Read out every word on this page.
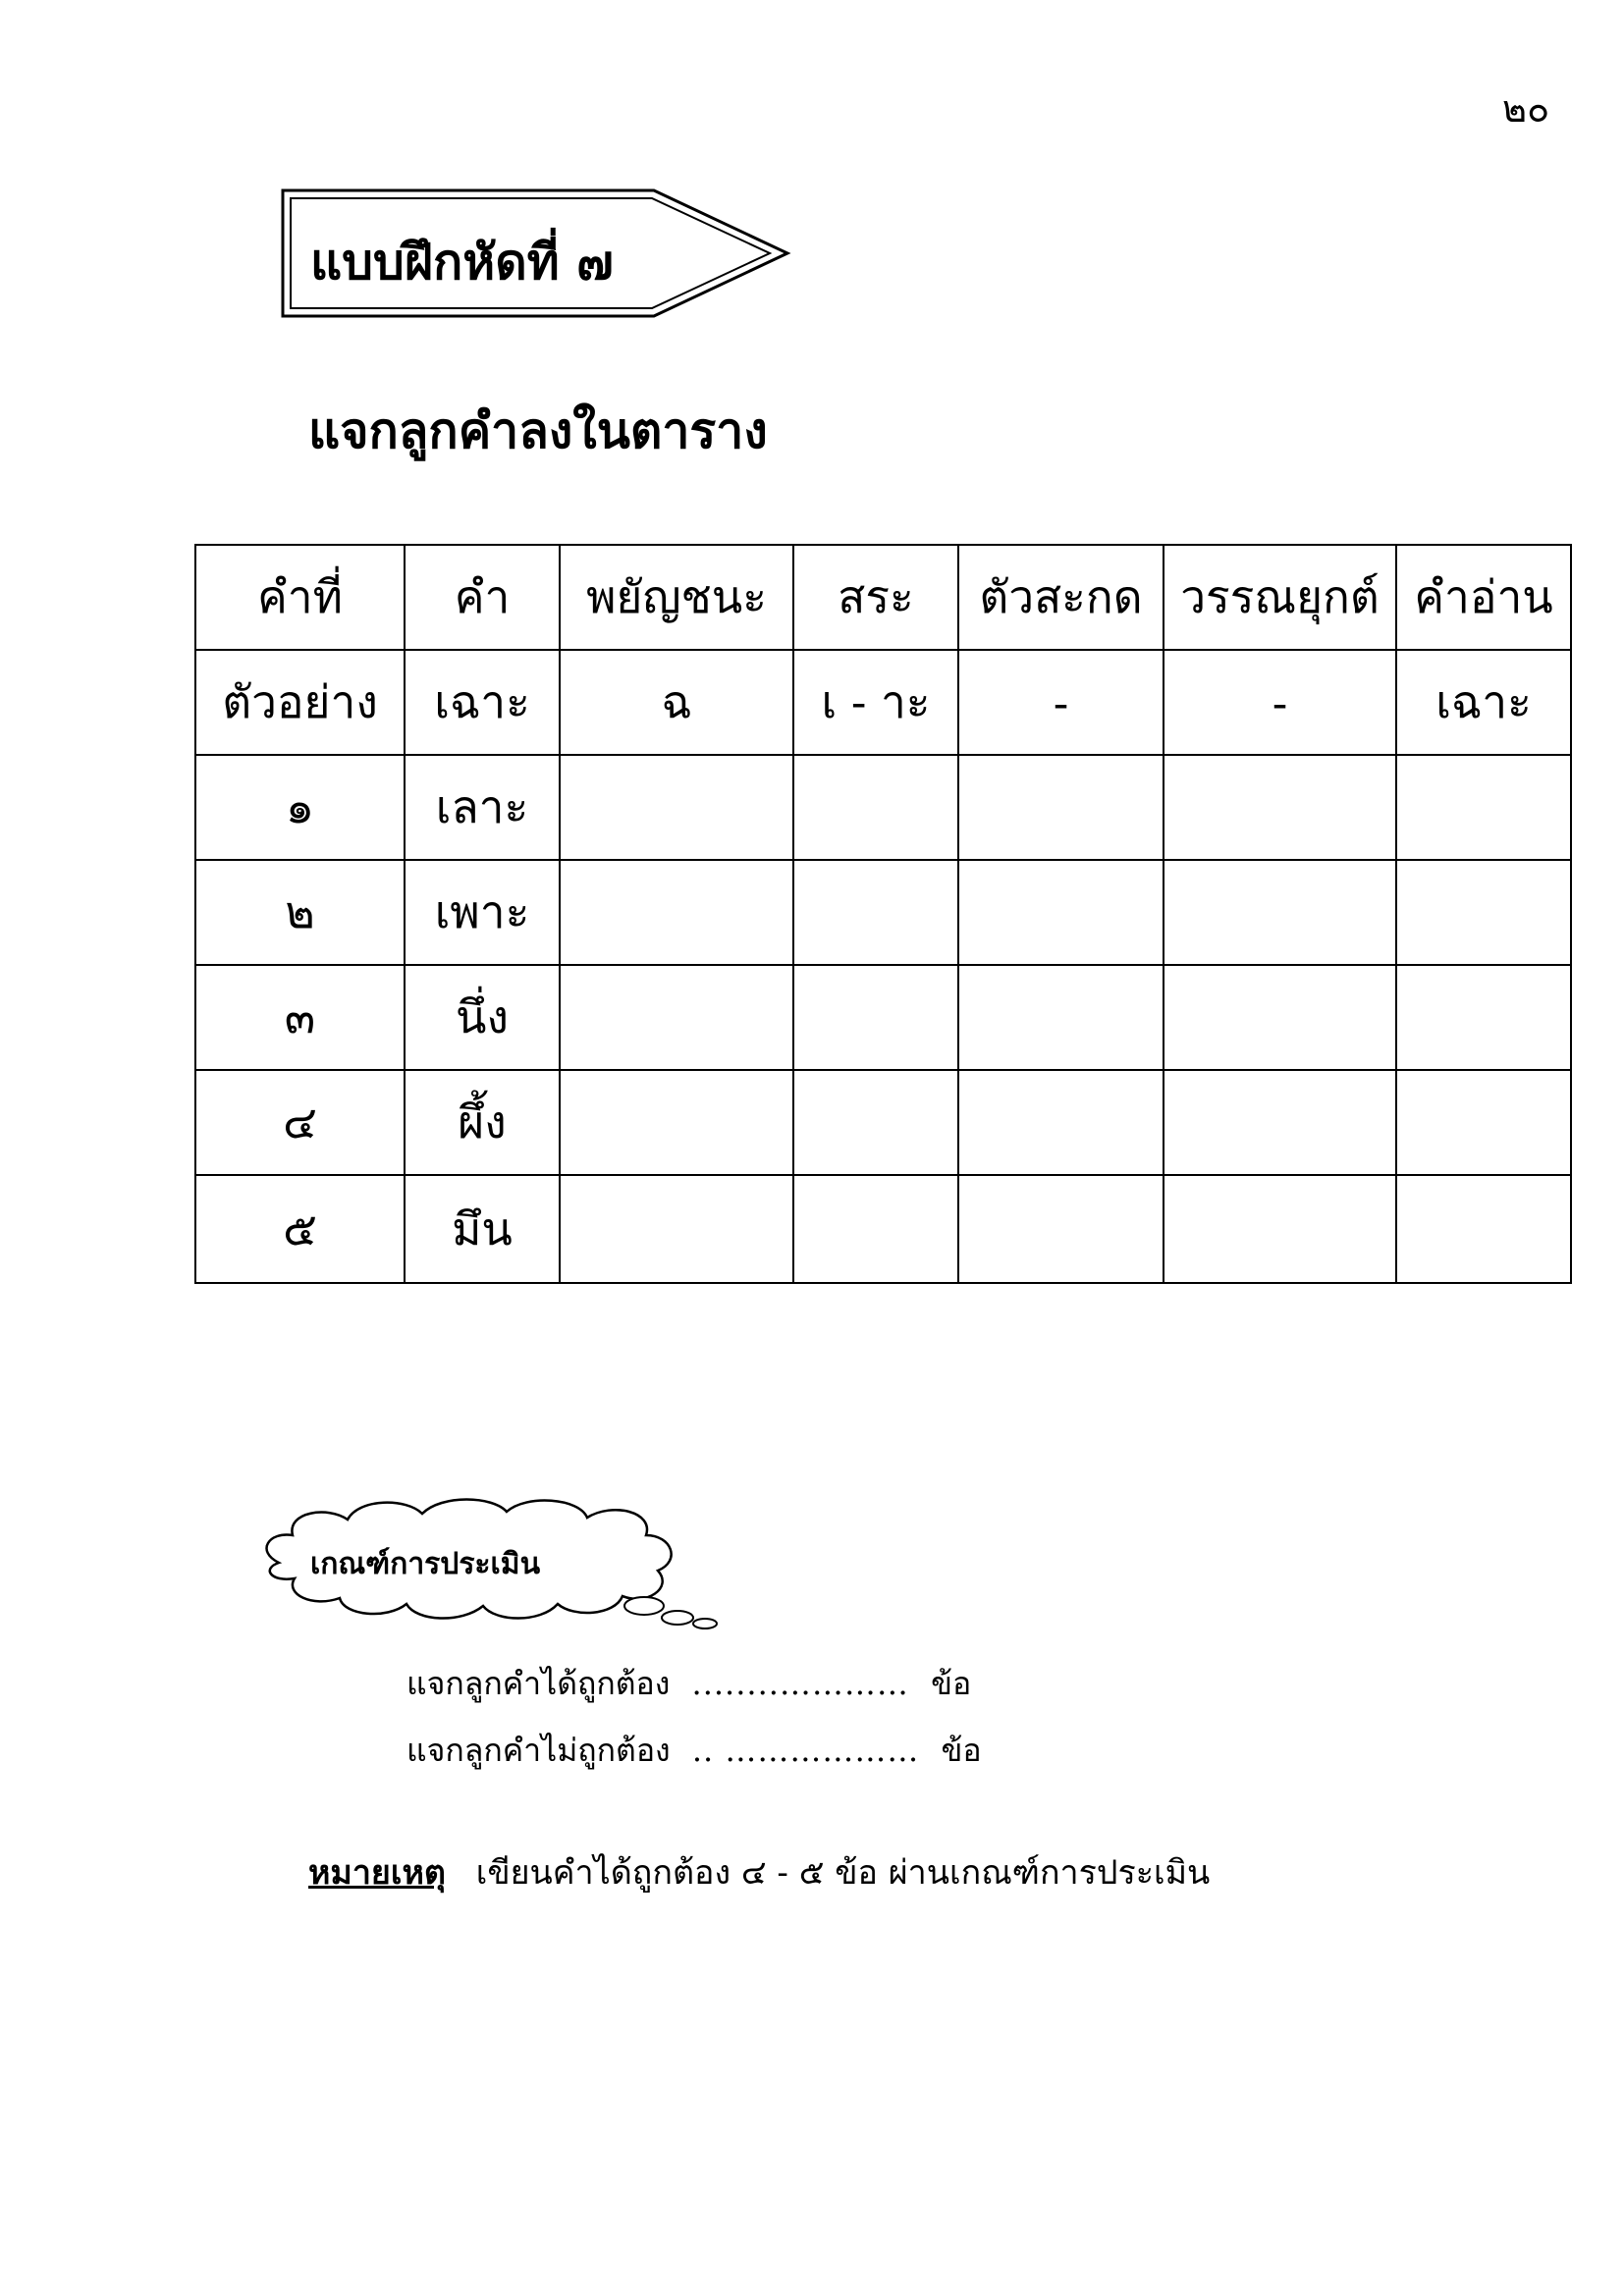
๒๐
แบบฝึกหัดที่ ๗
แจกลูกคำลงในตาราง
คำที่	คำ	พยัญชนะ	สระ	ตัวสะกด	วรรณยุกต์	คำอ่าน
ตัวอย่าง	เฉาะ	ฉ	เ - าะ	-	-	เฉาะ
๑	เลาะ					
๒	เพาะ					
๓	นึ่ง					
๔	ผึ้ง					
๕	มึน					
เกณฑ์การประเมิน
แจกลูกคำได้ถูกต้อง ........………… ข้อ
แจกลูกคำไม่ถูกต้อง .. ……………… ข้อ
หมายเหตุ เขียนคำได้ถูกต้อง ๔ - ๕ ข้อ ผ่านเกณฑ์การประเมิน
